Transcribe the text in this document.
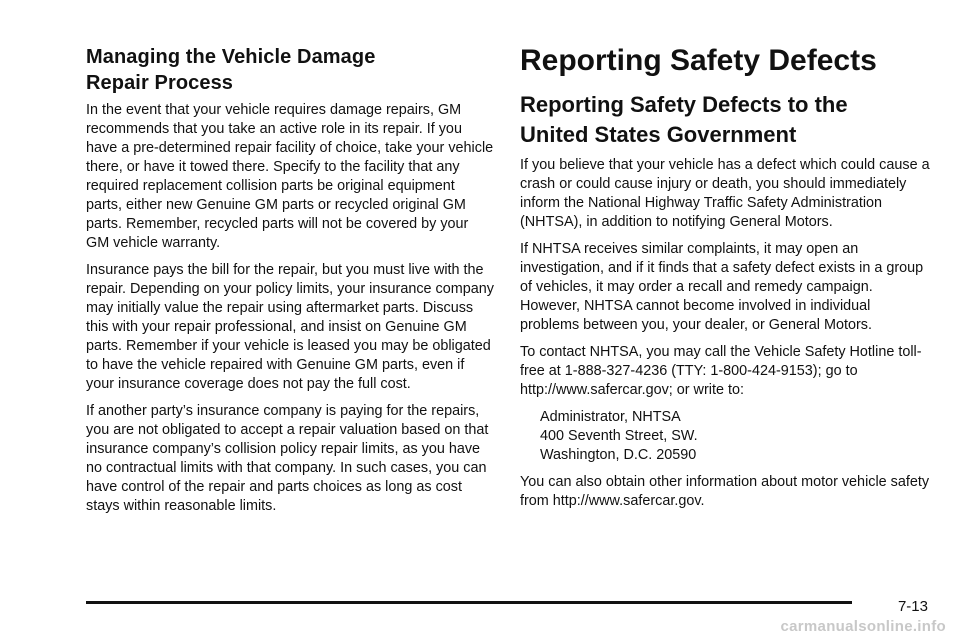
Managing the Vehicle Damage
Repair Process

In the event that your vehicle requires damage repairs, GM recommends that you take an active role in its repair. If you have a pre-determined repair facility of choice, take your vehicle there, or have it towed there. Specify to the facility that any required replacement collision parts be original equipment parts, either new Genuine GM parts or recycled original GM parts. Remember, recycled parts will not be covered by your GM vehicle warranty.

Insurance pays the bill for the repair, but you must live with the repair. Depending on your policy limits, your insurance company may initially value the repair using aftermarket parts. Discuss this with your repair professional, and insist on Genuine GM parts. Remember if your vehicle is leased you may be obligated to have the vehicle repaired with Genuine GM parts, even if your insurance coverage does not pay the full cost.

If another party’s insurance company is paying for the repairs, you are not obligated to accept a repair valuation based on that insurance company’s collision policy repair limits, as you have no contractual limits with that company. In such cases, you can have control of the repair and parts choices as long as cost stays within reasonable limits.

Reporting Safety Defects
Reporting Safety Defects to the
United States Government

If you believe that your vehicle has a defect which could cause a crash or could cause injury or death, you should immediately inform the National Highway Traffic Safety Administration (NHTSA), in addition to notifying General Motors.

If NHTSA receives similar complaints, it may open an investigation, and if it finds that a safety defect exists in a group of vehicles, it may order a recall and remedy campaign. However, NHTSA cannot become involved in individual problems between you, your dealer, or General Motors.

To contact NHTSA, you may call the Vehicle Safety Hotline toll-free at 1-888-327-4236 (TTY: 1-800-424-9153); go to http://www.safercar.gov; or write to:

Administrator, NHTSA
400 Seventh Street, SW.
Washington, D.C. 20590

You can also obtain other information about motor vehicle safety from http://www.safercar.gov.

7-13
carmanualsonline.info
